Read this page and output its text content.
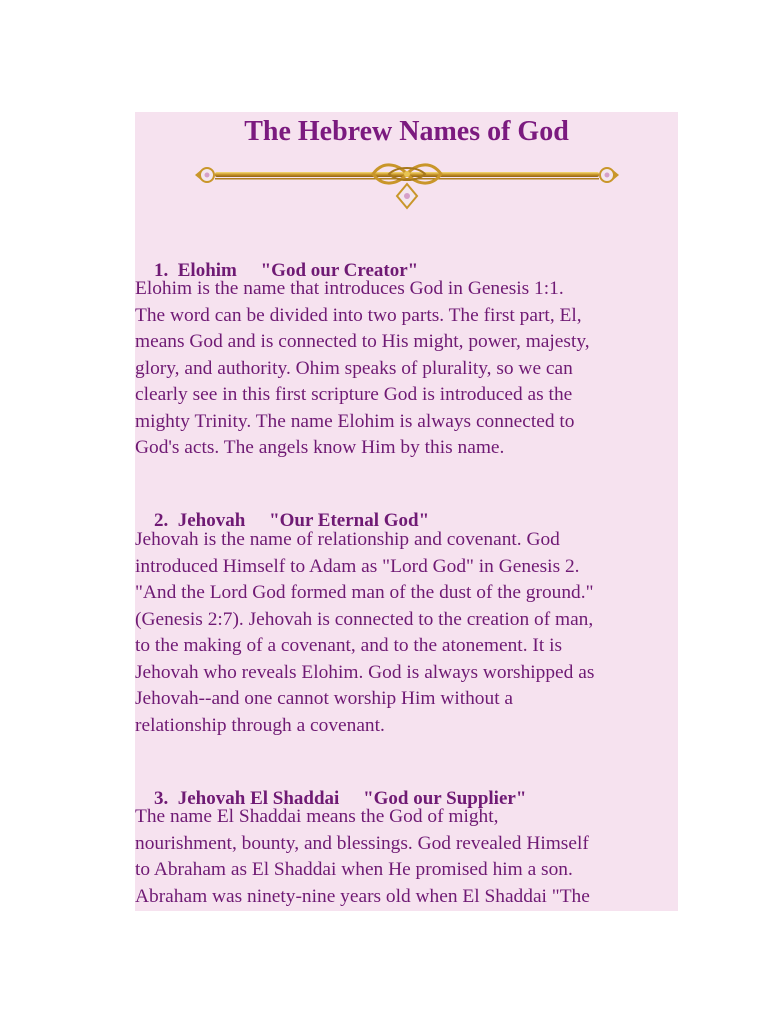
The Hebrew Names of God

1. Elohim "God our Creator"

Elohim is the name that introduces God in Genesis 1:1.
The word can be divided into two parts. The first part, El,
means God and is connected to His might, power, majesty,
glory, and authority. Ohim speaks of plurality, so we can
clearly see in this first scripture God is introduced as the
mighty Trinity. The name Elohim is always connected to
God's acts. The angels know Him by this name.

2. Jehovah "Our Eternal God"

Jehovah is the name of relationship and covenant. God
introduced Himself to Adam as "Lord God" in Genesis 2.
"And the Lord God formed man of the dust of the ground."
(Genesis 2:7). Jehovah is connected to the creation of man,
to the making of a covenant, and to the atonement. It is
Jehovah who reveals Elohim. God is always worshipped as
Jehovah--and one cannot worship Him without a
relationship through a covenant.

3. Jehovah El Shaddai "God our Supplier"

The name El Shaddai means the God of might,
nourishment, bounty, and blessings. God revealed Himself
to Abraham as El Shaddai when He promised him a son.
Abraham was ninety-nine years old when El Shaddai "The
